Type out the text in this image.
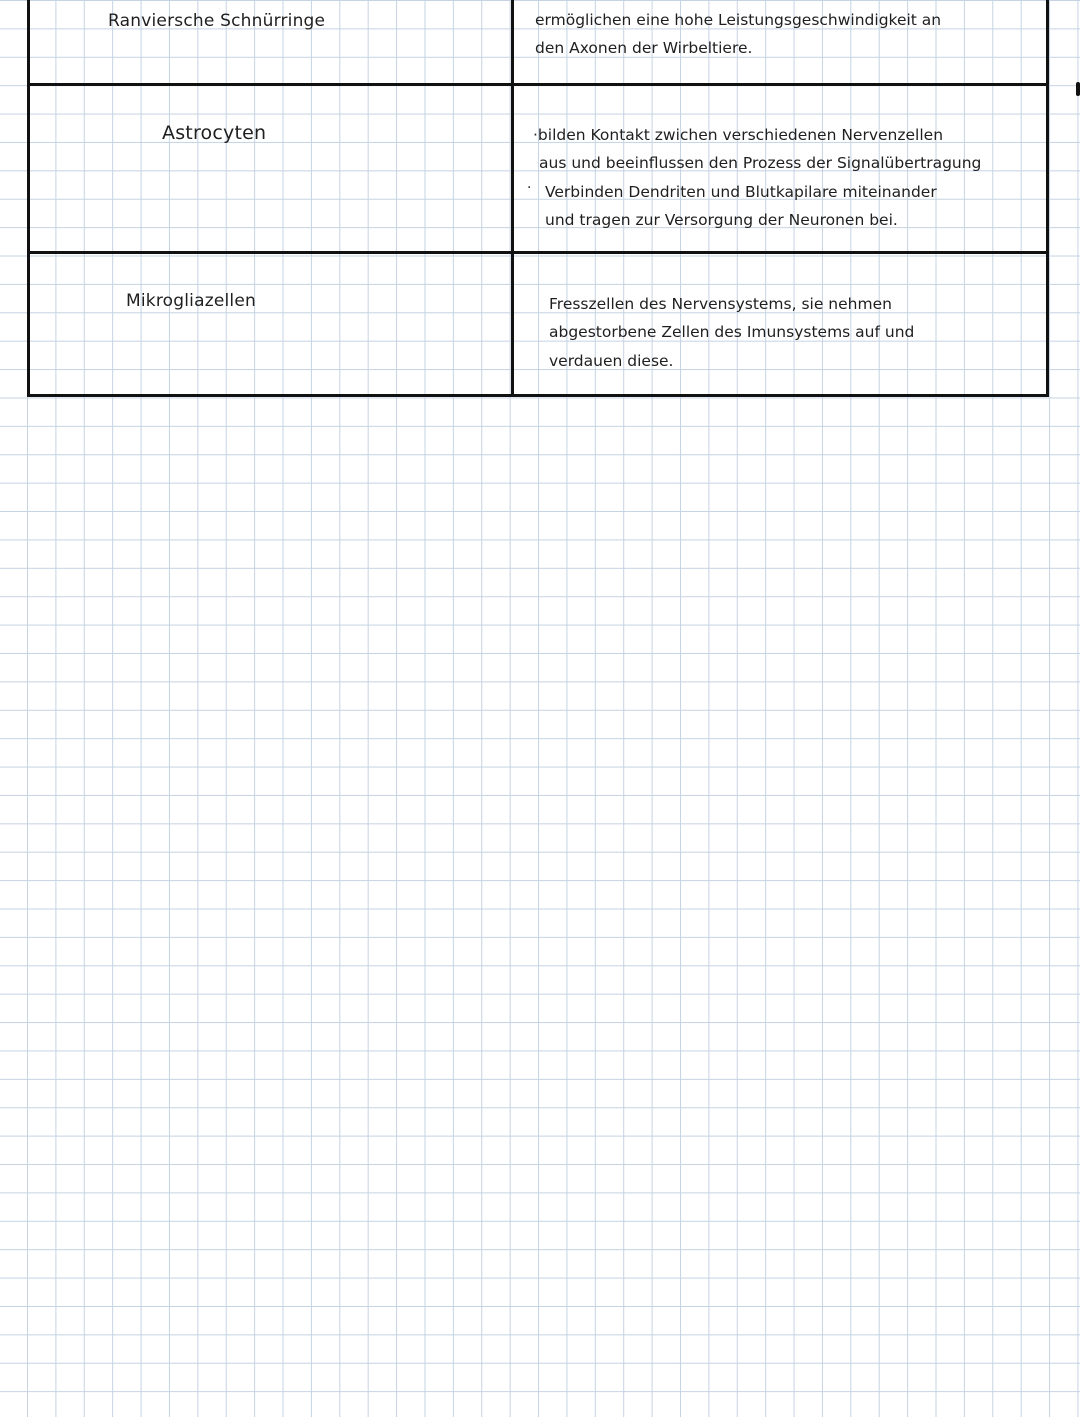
Ranviersche Schnürringe	ermöglichen eine hohe Leistungsgeschwindigkeit an
den Axonen der Wirbeltiere.
Astrocyten	·bilden Kontakt zwichen verschiedenen Nervenzellen
aus und beeinflussen den Prozess der Signalübertragung
Verbinden Dendriten und Blutkapilare miteinander
und tragen zur Versorgung der Neuronen bei.
·
Mikrogliazellen	Fresszellen des Nervensystems, sie nehmen
abgestorbene Zellen des Imunsystems auf und
verdauen diese.
